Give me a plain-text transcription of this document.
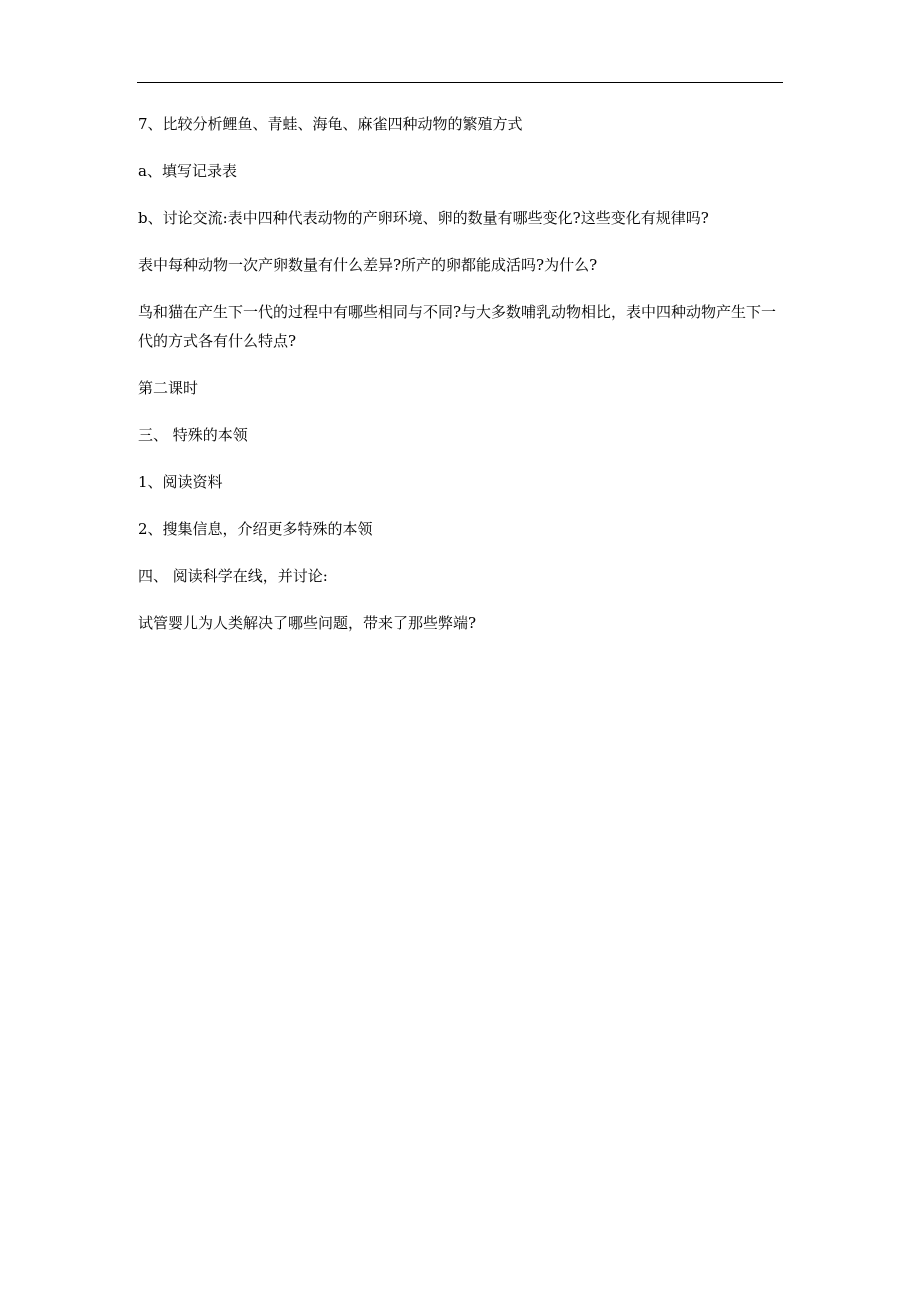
7、比较分析鲤鱼、青蛙、海龟、麻雀四种动物的繁殖方式

a、填写记录表

b、讨论交流:表中四种代表动物的产卵环境、卵的数量有哪些变化?这些变化有规律吗?

表中每种动物一次产卵数量有什么差异?所产的卵都能成活吗?为什么?

鸟和猫在产生下一代的过程中有哪些相同与不同?与大多数哺乳动物相比，表中四种动物产生下一代的方式各有什么特点?

第二课时

三、 特殊的本领

1、阅读资料

2、搜集信息，介绍更多特殊的本领

四、 阅读科学在线，并讨论:

试管婴儿为人类解决了哪些问题，带来了那些弊端?
